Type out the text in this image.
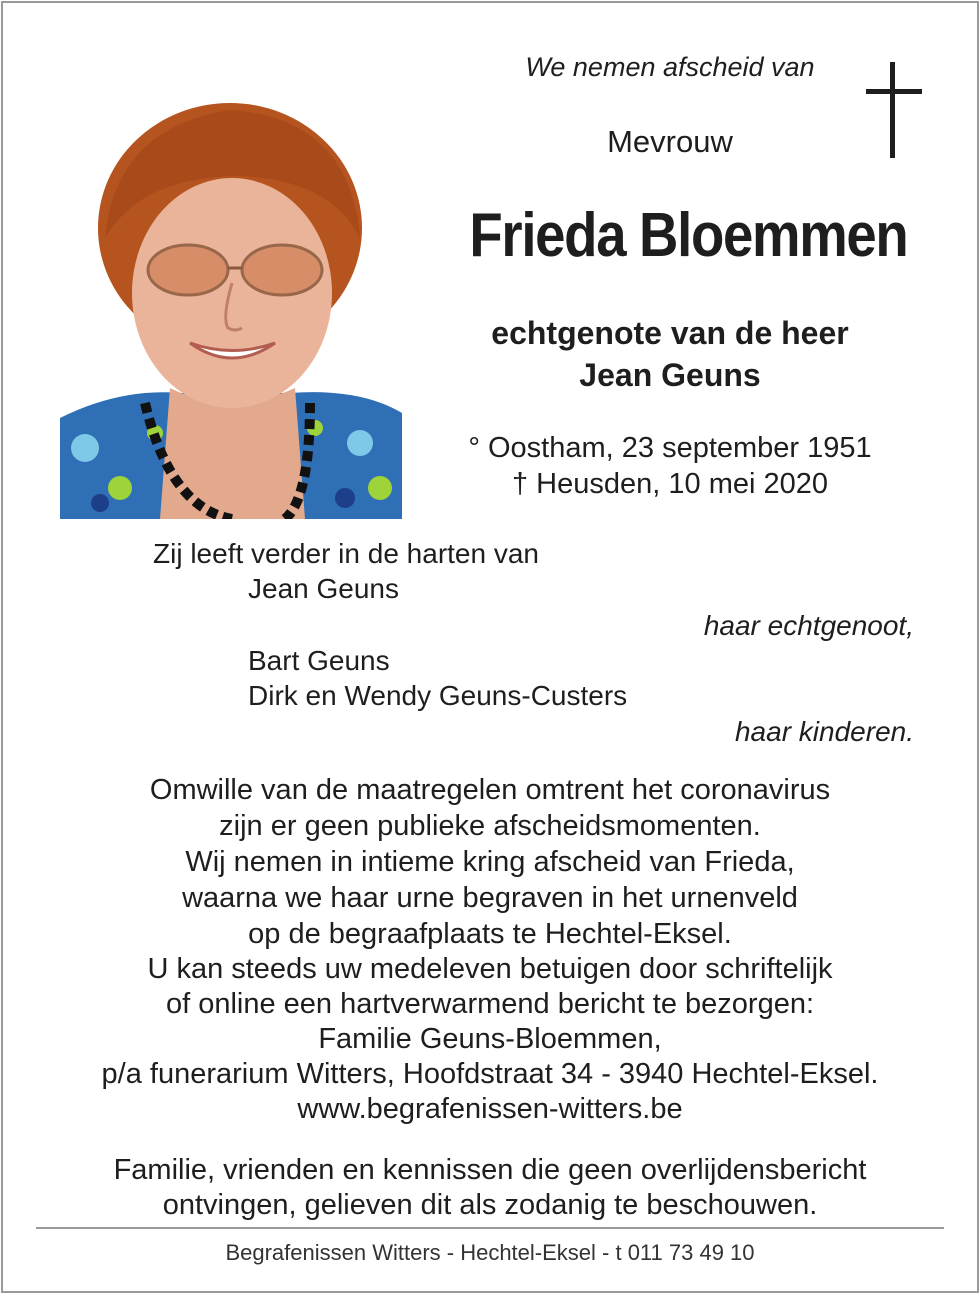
We nemen afscheid van
Mevrouw
Frieda Bloemmen
echtgenote van de heer
Jean Geuns
° Oostham, 23 september 1951
† Heusden, 10 mei 2020
Zij leeft verder in de harten van
Jean Geuns
haar echtgenoot,
Bart Geuns
Dirk en Wendy Geuns-Custers
haar kinderen.
Omwille van de maatregelen omtrent het coronavirus
zijn er geen publieke afscheidsmomenten.
Wij nemen in intieme kring afscheid van Frieda,
waarna we haar urne begraven in het urnenveld
op de begraafplaats te Hechtel-Eksel.
U kan steeds uw medeleven betuigen door schriftelijk
of online een hartverwarmend bericht te bezorgen:
Familie Geuns-Bloemmen,
p/a funerarium Witters, Hoofdstraat 34 - 3940 Hechtel-Eksel.
www.begrafenissen-witters.be
Familie, vrienden en kennissen die geen overlijdensbericht
ontvingen, gelieven dit als zodanig te beschouwen.
Begrafenissen Witters - Hechtel-Eksel - t 011 73 49 10
